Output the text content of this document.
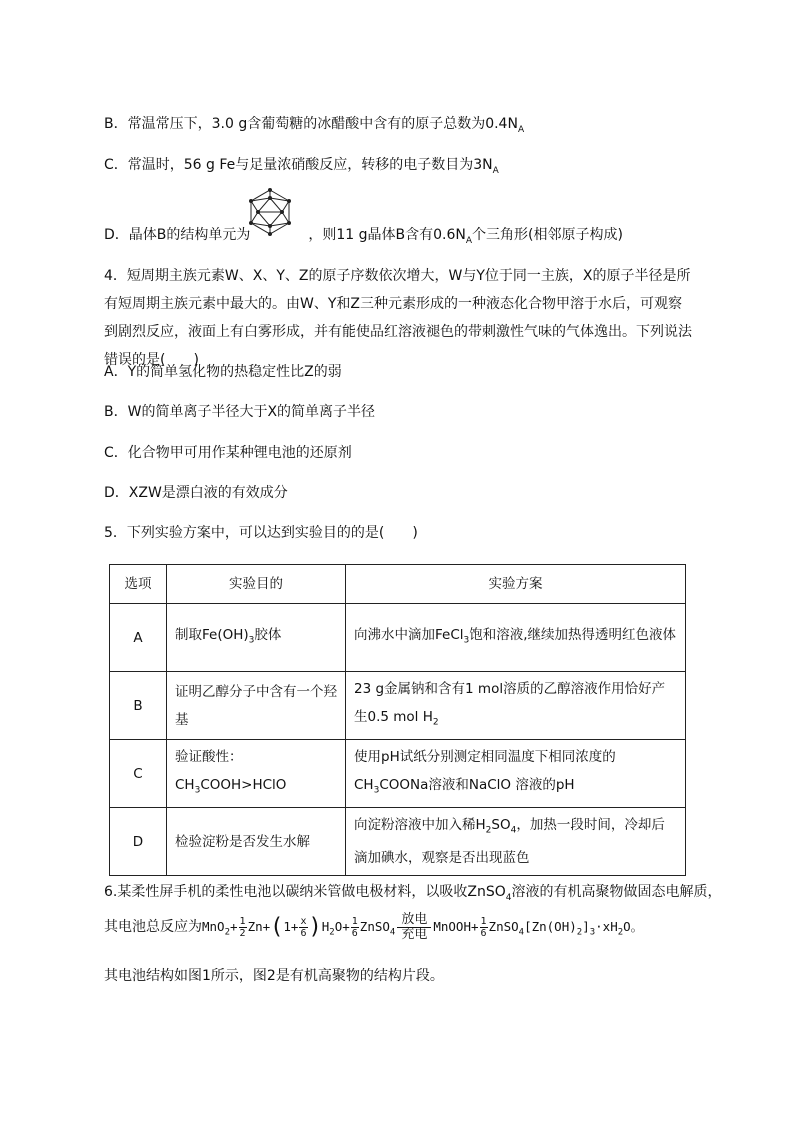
B．常温常压下，3.0 g含葡萄糖的冰醋酸中含有的原子总数为$0.4N_A$
C．常温时，56 g Fe与足量浓硝酸反应，转移的电子数目为$3N_A$
D．晶体B的结构单元为	，则11 g晶体B含有$0.6N_A$个三角形(相邻原子构成)
4．短周期主族元素W、X、Y、Z的原子序数依次增大，W与Y位于同一主族，X的原子半径是所有短周期主族元素中最大的。由W、Y和Z三种元素形成的一种液态化合物甲溶于水后，可观察到剧烈反应，液面上有白雾形成，并有能使品红溶液褪色的带刺激性气味的气体逸出。下列说法错误的是(　　)
A．Y的简单氢化物的热稳定性比Z的弱
B．W的简单离子半径大于X的简单离子半径
C．化合物甲可用作某种锂电池的还原剂
D．XZW是漂白液的有效成分
5．下列实验方案中，可以达到实验目的的是(　　)
选项	实验目的	实验方案
A	制取$Fe(OH)_3$胶体	向沸水中滴加FeCl$_3$饱和溶液,继续加热得透明红色液体
B	证明乙醇分子中含有一个羟基	23 g金属钠和含有1 mol溶质的乙醇溶液作用恰好产生0.5 mol $H_2$
C	验证酸性：$CH_3COOH>HClO$	使用pH试纸分别测定相同温度下相同浓度的$CH_3COONa$溶液和NaClO 溶液的pH
D	检验淀粉是否发生水解	向淀粉溶液中加入稀$H_2SO_4$，加热一段时间，冷却后滴加碘水，观察是否出现蓝色
6.某柔性屏手机的柔性电池以碳纳米管做电极材料，以吸收ZnSO$_4$溶液的有机高聚物做固态电解质，
其电池总反应为$MnO_2+ \frac{1}{2} Zn+(1+ \frac{x}{6} )H_2O+ \frac{1}{6}$ ZnSO$_4$
放电
充电
MnOOH+ $\frac{1}{6}$ $ZnSO_4[Zn(OH)_2]_3\cdot xH_2O$。
其电池结构如图1所示，图2是有机高聚物的结构片段。
